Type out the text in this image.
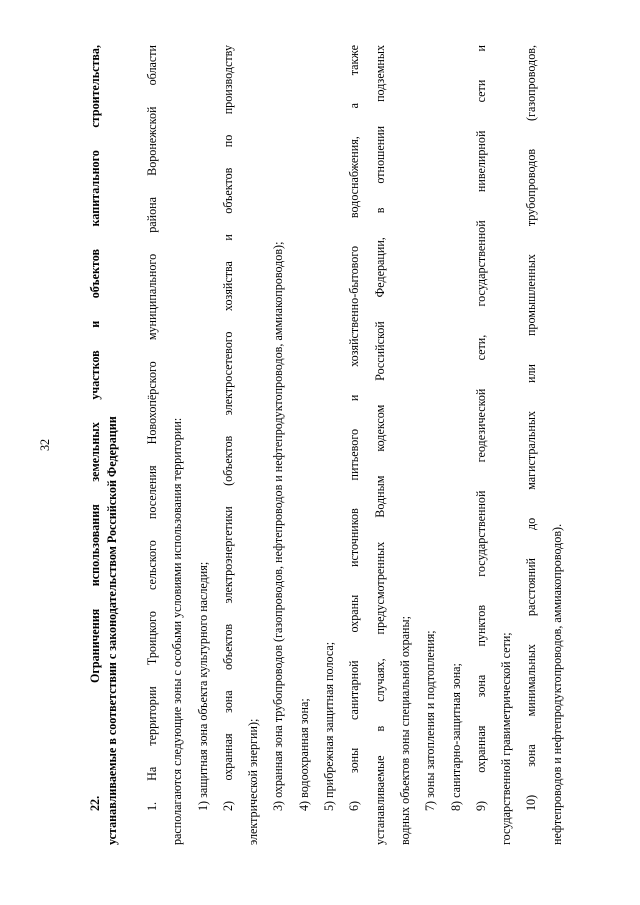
32

22.     Ограничения использования земельных участков и объектов капитального строительства, устанавливаемые в соответствии с законодательством Российской Федерации	1. На территории Троицкого сельского поселения Новохопёрского муниципального района Воронежской области располагаются следующие зоны с особыми условиями использования территории: 1) защитная зона объекта культурного наследия; 2) охранная зона объектов электроэнергетики (объектов электросетевого хозяйства и объектов по производству электрической энергии); 3) охранная зона трубопроводов (газопроводов, нефтепроводов и нефтепродуктопроводов, аммиакопроводов); 4) водоохранная зона; 5) прибрежная защитная полоса; 6) зоны санитарной охраны источников питьевого и хозяйственно-бытового водоснабжения, а также устанавливаемые в случаях, предусмотренных Водным кодексом Российской Федерации, в отношении подземных водных объектов зоны специальной охраны; 7) зоны затопления и подтопления; 8) санитарно-защитная зона; 9) охранная зона пунктов государственной геодезической сети, государственной нивелирной сети и государственной гравиметрической сети; 10) зона минимальных расстояний до магистральных или промышленных трубопроводов (газопроводов, нефтепроводов и нефтепродуктопроводов, аммиакопроводов).
